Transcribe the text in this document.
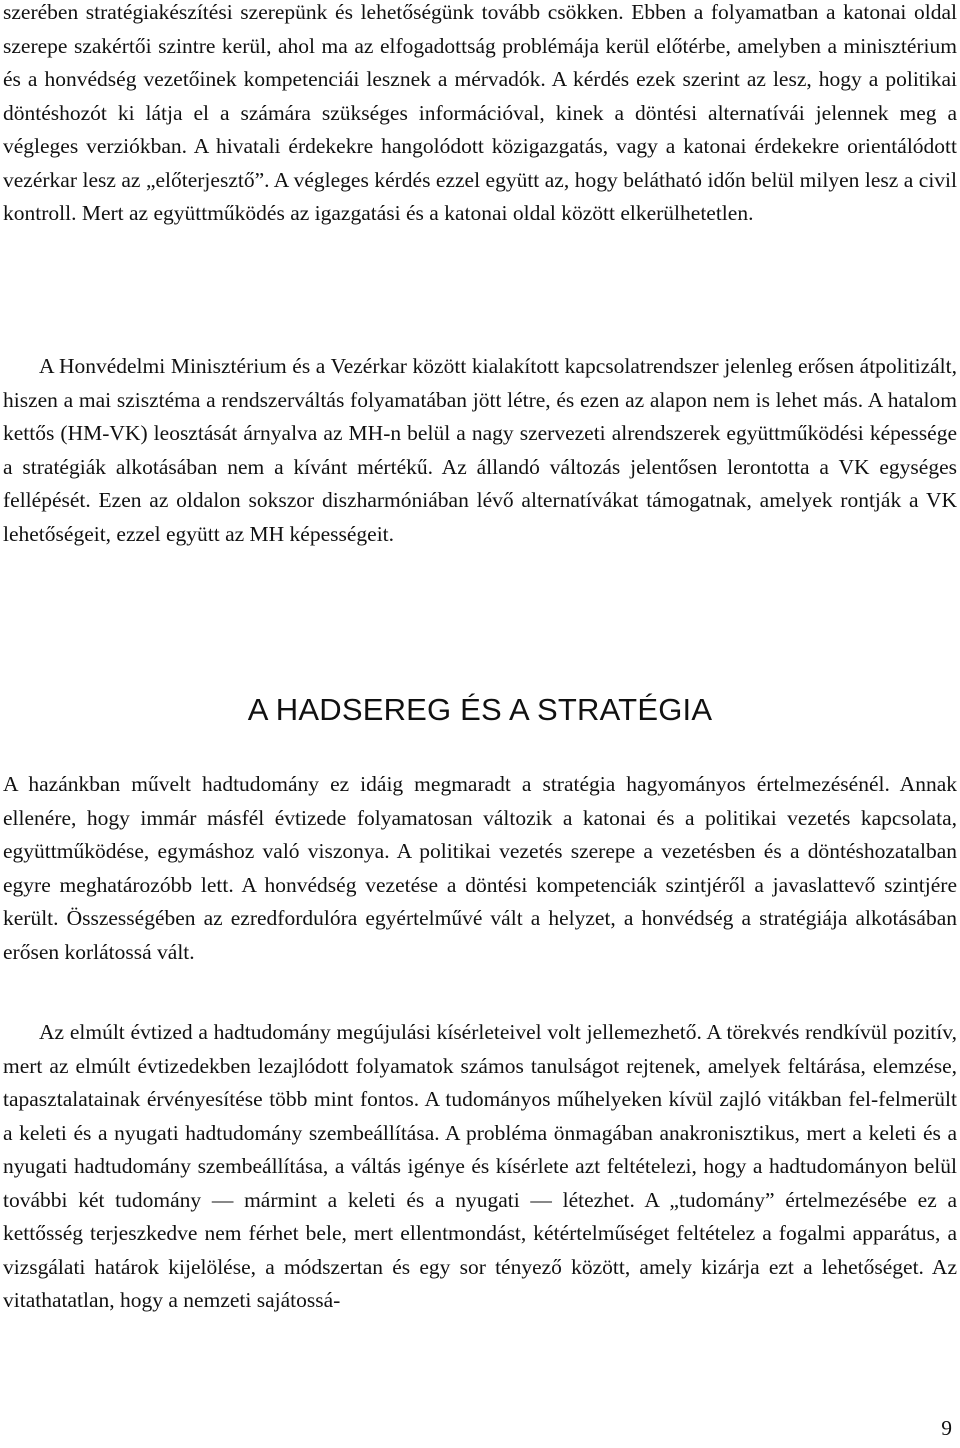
szerében stratégiakészítési szerepünk és lehetőségünk tovább csökken. Ebben a folyamatban a katonai oldal szerepe szakértői szintre kerül, ahol ma az elfogadottság problémája kerül előtérbe, amelyben a minisztérium és a honvédség vezetőinek kompetenciái lesznek a mérvadók. A kérdés ezek szerint az lesz, hogy a politikai döntéshozót ki látja el a számára szükséges információval, kinek a döntési alternatívái jelennek meg a végleges verziókban. A hivatali érdekekre hangolódott közigazgatás, vagy a katonai érdekekre orientálódott vezérkar lesz az „előterjesztő”. A végleges kérdés ezzel együtt az, hogy belátható időn belül milyen lesz a civil kontroll. Mert az együttműködés az igazgatási és a katonai oldal között elkerülhetetlen.

A Honvédelmi Minisztérium és a Vezérkar között kialakított kapcsolatrendszer jelenleg erősen átpolitizált, hiszen a mai szisztéma a rendszerváltás folyamatában jött létre, és ezen az alapon nem is lehet más. A hatalom kettős (HM-VK) leosztását árnyalva az MH-n belül a nagy szervezeti alrendszerek együttműködési képessége a stratégiák alkotásában nem a kívánt mértékű. Az állandó változás jelentősen lerontotta a VK egységes fellépését. Ezen az oldalon sokszor diszharmóniában lévő alternatívákat támogatnak, amelyek rontják a VK lehetőségeit, ezzel együtt az MH képességeit.

A HADSEREG ÉS A STRATÉGIA

A hazánkban művelt hadtudomány ez idáig megmaradt a stratégia hagyományos értelmezésénél. Annak ellenére, hogy immár másfél évtizede folyamatosan változik a katonai és a politikai vezetés kapcsolata, együttműködése, egymáshoz való viszonya. A politikai vezetés szerepe a vezetésben és a döntéshozatalban egyre meghatározóbb lett. A honvédség vezetése a döntési kompetenciák szintjéről a javaslattevő szintjére került. Összességében az ezredfordulóra egyértelművé vált a helyzet, a honvédség a stratégiája alkotásában erősen korlátossá vált.

Az elmúlt évtized a hadtudomány megújulási kísérleteivel volt jellemezhető. A törekvés rendkívül pozitív, mert az elmúlt évtizedekben lezajlódott folyamatok számos tanulságot rejtenek, amelyek feltárása, elemzése, tapasztalatainak érvényesítése több mint fontos. A tudományos műhelyeken kívül zajló vitákban fel-felmerült a keleti és a nyugati hadtudomány szembeállítása. A probléma önmagában anakronisztikus, mert a keleti és a nyugati hadtudomány szembeállítása, a váltás igénye és kísérlete azt feltételezi, hogy a hadtudományon belül további két tudomány — mármint a keleti és a nyugati — létezhet. A „tudomány” értelmezésébe ez a kettősség terjeszkedve nem férhet bele, mert ellentmondást, kétértelműséget feltételez a fogalmi apparátus, a vizsgálati határok kijelölése, a módszertan és egy sor tényező között, amely kizárja ezt a lehetőséget. Az vitathatatlan, hogy a nemzeti sajátossá-

9
